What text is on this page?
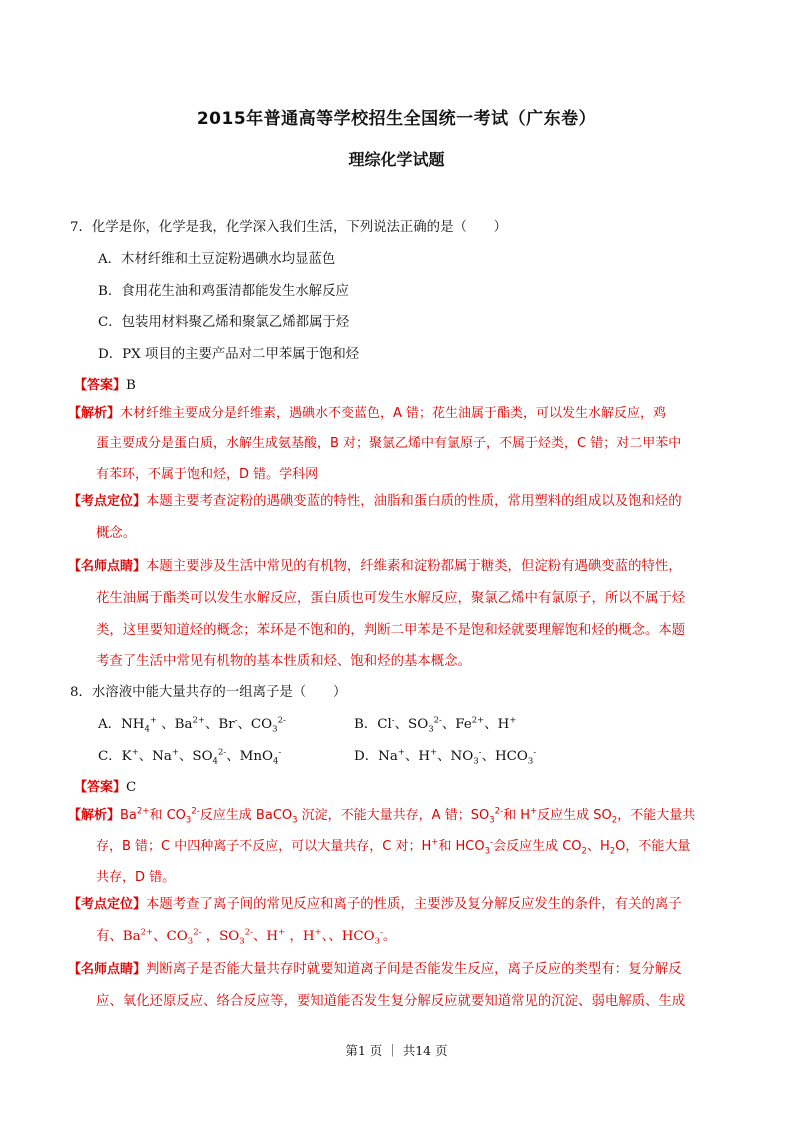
2015年普通高等学校招生全国统一考试（广东卷）
理综化学试题
7．化学是你，化学是我，化学深入我们生活，下列说法正确的是（　　）
A．木材纤维和土豆淀粉遇碘水均显蓝色
B．食用花生油和鸡蛋清都能发生水解反应
C．包装用材料聚乙烯和聚氯乙烯都属于烃
D．PX 项目的主要产品对二甲苯属于饱和烃
【答案】B
【解析】木材纤维主要成分是纤维素，遇碘水不变蓝色，A 错；花生油属于酯类，可以发生水解反应，鸡
蛋主要成分是蛋白质，水解生成氨基酸，B 对；聚氯乙烯中有氯原子，不属于烃类，C 错；对二甲苯中
有苯环，不属于饱和烃，D 错。学科网
【考点定位】本题主要考查淀粉的遇碘变蓝的特性，油脂和蛋白质的性质，常用塑料的组成以及饱和烃的
概念。
【名师点睛】本题主要涉及生活中常见的有机物，纤维素和淀粉都属于糖类，但淀粉有遇碘变蓝的特性，
花生油属于酯类可以发生水解反应，蛋白质也可发生水解反应，聚氯乙烯中有氯原子，所以不属于烃
类，这里要知道烃的概念；苯环是不饱和的，判断二甲苯是不是饱和烃就要理解饱和烃的概念。本题
考查了生活中常见有机物的基本性质和烃、饱和烃的基本概念。
8．水溶液中能大量共存的一组离子是（　　）
A．$NH_4^+$ 、$Ba^{2+}$、Br-、$CO_3^{2-}$	B．Cl-、$SO_3^{2-}$、$Fe^{2+}$、H+
C．K+、Na+、$SO_4^{2-}$、MnO$_4$-	D．Na+、H+、$NO_3^-$、$HCO_3^-$
【答案】C
【解析】$Ba^{2+}$和 $CO_3^{2-}$反应生成 BaCO$_3$ 沉淀，不能大量共存，A 错；$SO_3^{2-}$和 H+反应生成 $SO_2$，不能大量共
存，B 错；C 中四种离子不反应，可以大量共存，C 对；H+和 $HCO_3^-$会反应生成 $CO_2$、$H_2O$，不能大量
共存，D 错。
【考点定位】本题考查了离子间的常见反应和离子的性质，主要涉及复分解反应发生的条件，有关的离子
有、$Ba^{2+}$、$CO_3^{2-}$ ，$SO_3^{2-}$、H+ ，H+、、$HCO_3^-$。
【名师点睛】判断离子是否能大量共存时就要知道离子间是否能发生反应，离子反应的类型有：复分解反
应、氧化还原反应、络合反应等，要知道能否发生复分解反应就要知道常见的沉淀、弱电解质、生成
第1 页 ｜ 共14 页
